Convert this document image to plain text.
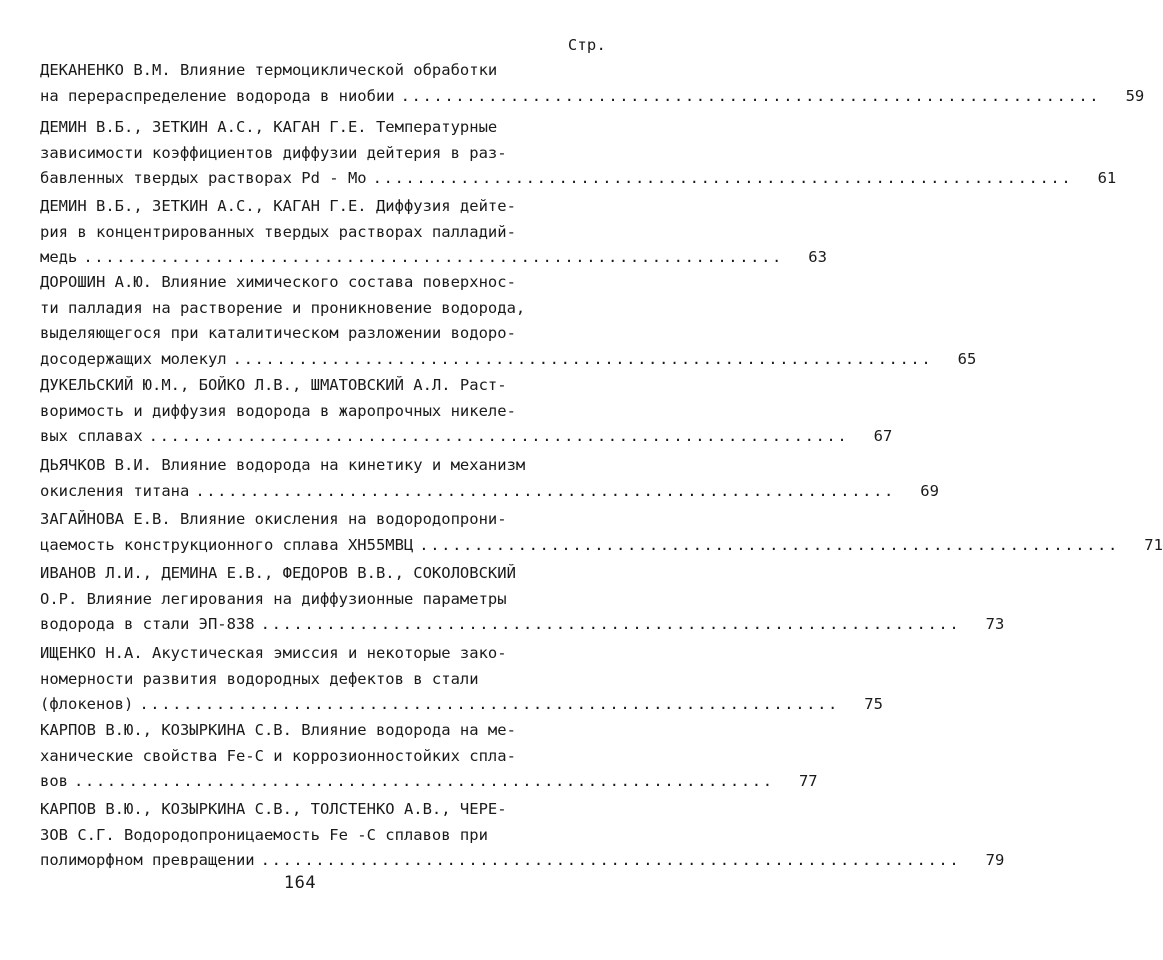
Стр.
ДЕКАНЕНКО В.М. Влияние термоциклической обработки
на перераспределение водорода в ниобии ................................................................	59
ДЕМИН В.Б., ЗЕТКИН А.С., КАГАН Г.Е. Температурные
зависимости коэффициентов диффузии дейтерия в раз-
бавленных твердых растворах Pd - Mo ................................................................	61
ДЕМИН В.Б., ЗЕТКИН А.С., КАГАН Г.Е. Диффузия дейте-
рия в концентрированных твердых растворах палладий-
медь ................................................................	63
ДОРОШИН А.Ю. Влияние химического состава поверхнос-
ти палладия на растворение и проникновение водорода,
выделяющегося при каталитическом разложении водоро-
досодержащих молекул ................................................................	65
ДУКЕЛЬСКИЙ Ю.М., БОЙКО Л.В., ШМАТОВСКИЙ А.Л. Раст-
воримость и диффузия водорода в жаропрочных никеле-
вых сплавах ................................................................	67
ДЬЯЧКОВ В.И. Влияние водорода на кинетику и механизм
окисления титана ................................................................	69
ЗАГАЙНОВА Е.В. Влияние окисления на водородопрони-
цаемость конструкционного сплава ХН55МВЦ ................................................................	71
ИВАНОВ Л.И., ДЕМИНА Е.В., ФЕДОРОВ В.В., СОКОЛОВСКИЙ
О.Р. Влияние легирования на диффузионные параметры
водорода в стали ЭП-838 ................................................................	73
ИЩЕНКО Н.А. Акустическая эмиссия и некоторые зако-
номерности развития водородных дефектов в стали
(флокенов) ................................................................	75
КАРПОВ В.Ю., КОЗЫРКИНА С.В. Влияние водорода на ме-
ханические свойства Fe-C и коррозионностойких спла-
вов ................................................................	77
КАРПОВ В.Ю., КОЗЫРКИНА С.В., ТОЛСТЕНКО А.В., ЧЕРЕ-
ЗОВ С.Г. Водородопроницаемость Fe -C сплавов при
полиморфном превращении ................................................................	79
164
